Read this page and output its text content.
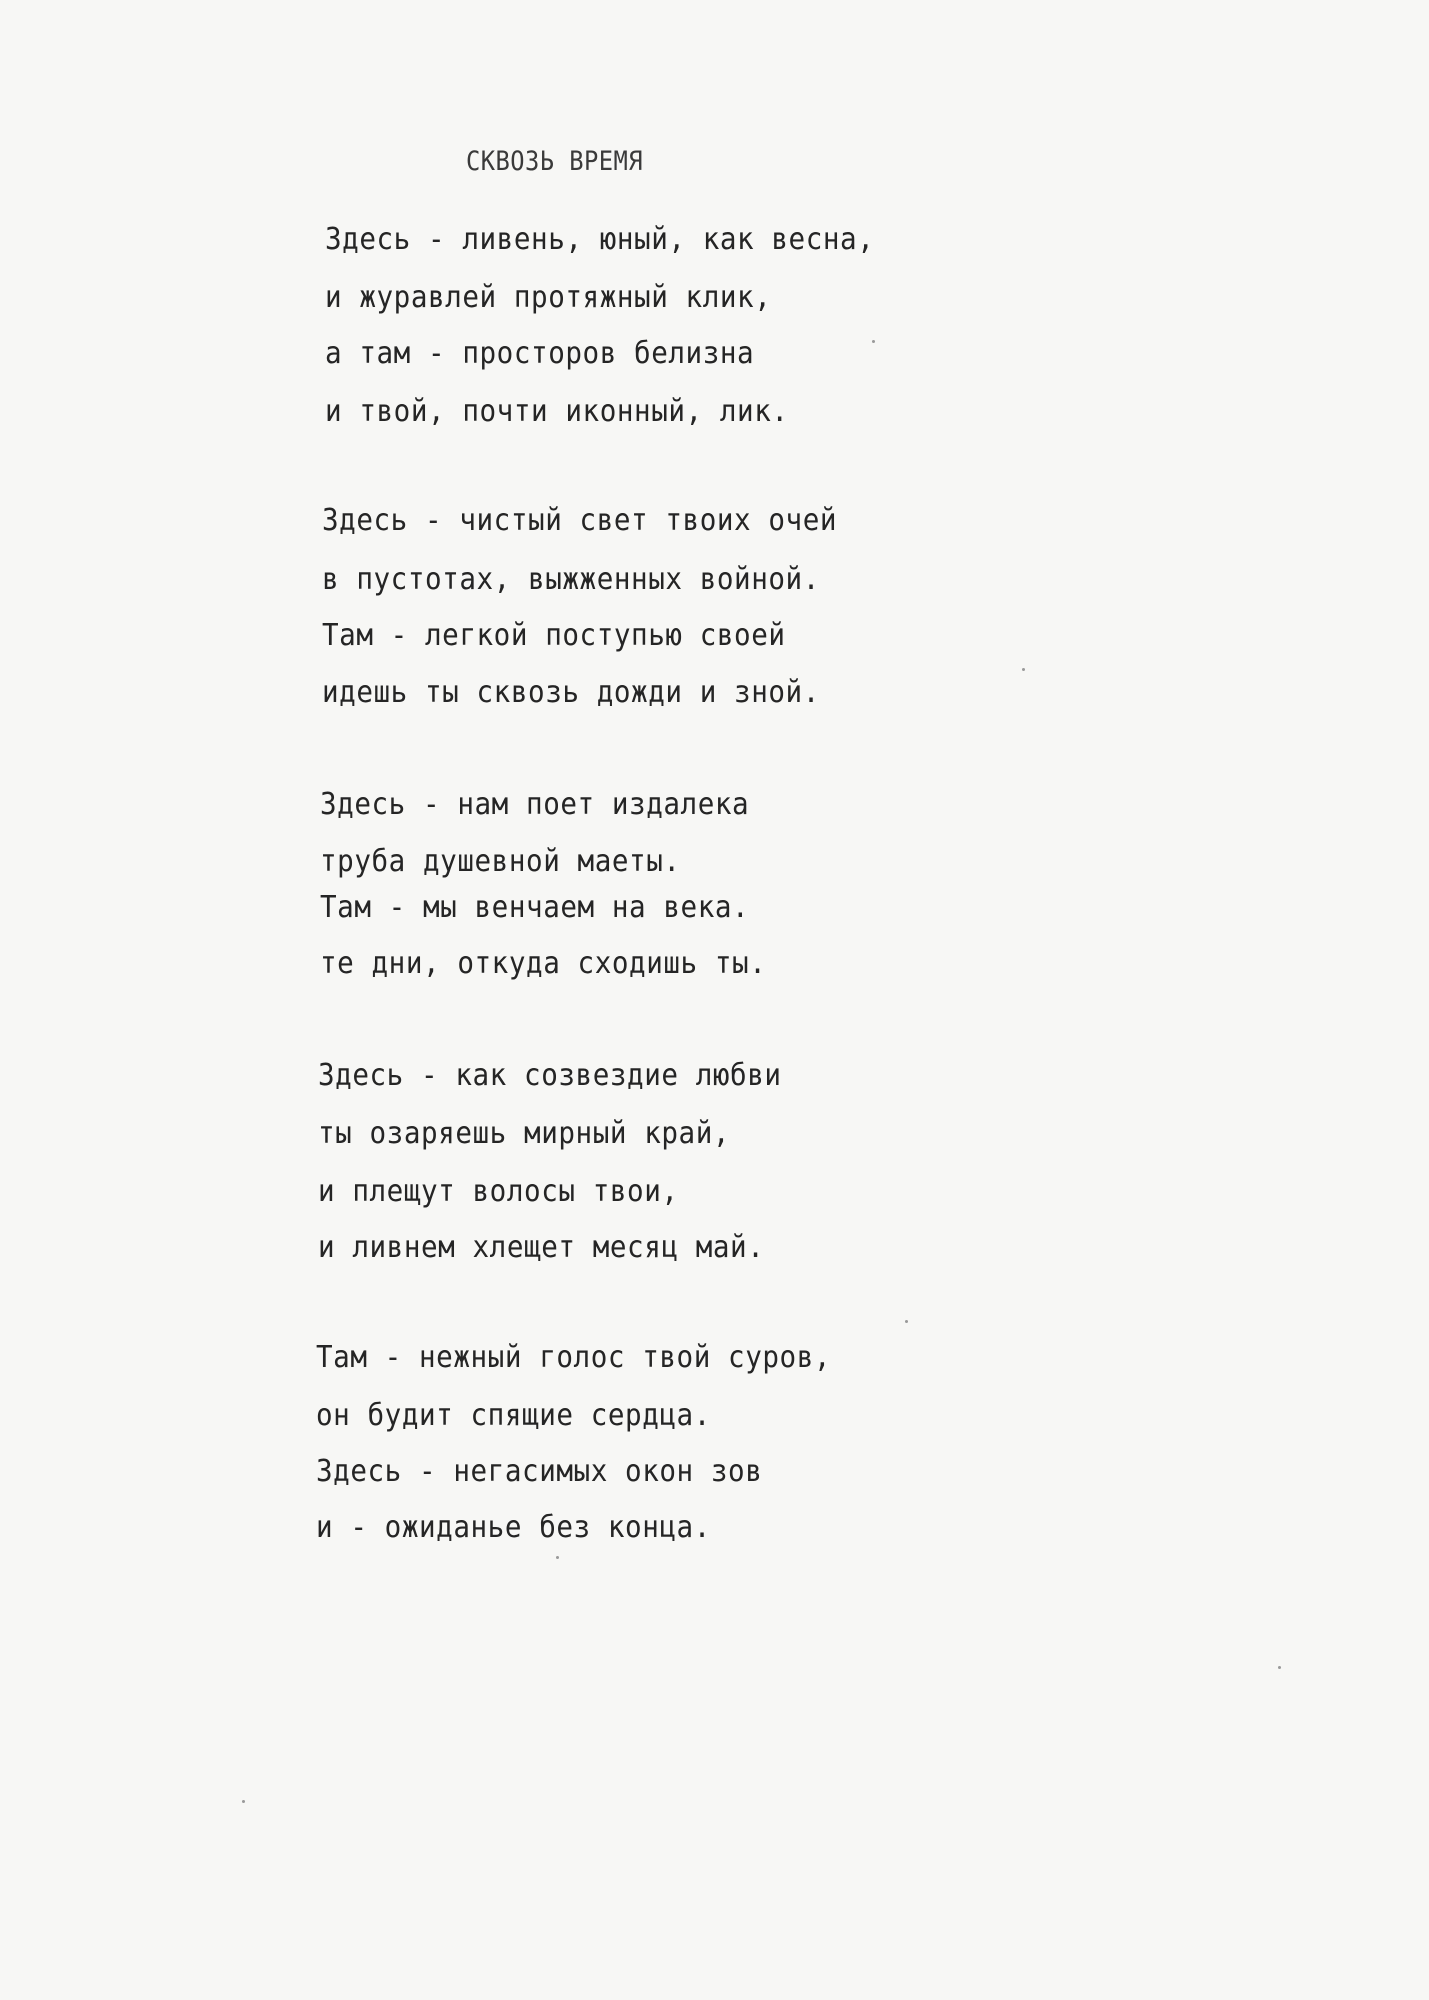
СКВОЗЬ ВРЕМЯ
Здесь - ливень, юный, как весна,
и журавлей протяжный клик,
а там - просторов белизна
и твой, почти иконный, лик.
Здесь - чистый свет твоих очей
в пустотах, выжженных войной.
Там - легкой поступью своей
идешь ты сквозь дожди и зной.
Здесь - нам поет издалека
труба душевной маеты.
Там - мы венчаем на века.
те дни, откуда сходишь ты.
Здесь - как созвездие любви
ты озаряешь мирный край,
и плещут волосы твои,
и ливнем хлещет месяц май.
Там - нежный голос твой суров,
он будит спящие сердца.
Здесь - негасимых окон зов
и - ожиданье без конца.
